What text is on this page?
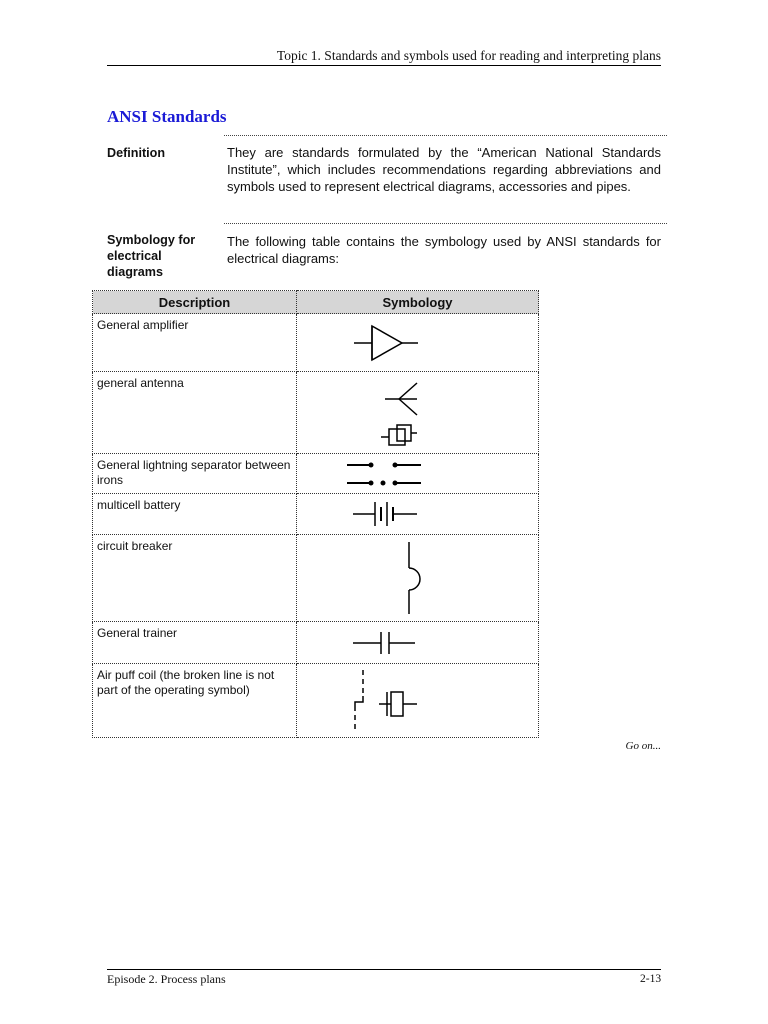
Topic 1. Standards and symbols used for reading and interpreting plans
ANSI Standards
Definition	They are standards formulated by the “American National Standards Institute”, which includes recommendations regarding abbreviations and symbols used to represent electrical diagrams, accessories and pipes.
Symbology for electrical diagrams
The following table contains the symbology used by ANSI standards for electrical diagrams:
Description	Symbology
General amplifier	

general antenna	

General lightning separator between irons	

multicell battery	

circuit breaker	

General trainer	

Air puff coil (the broken line is not part of the operating symbol)	
Go on...
Episode 2. Process plans	2-13
